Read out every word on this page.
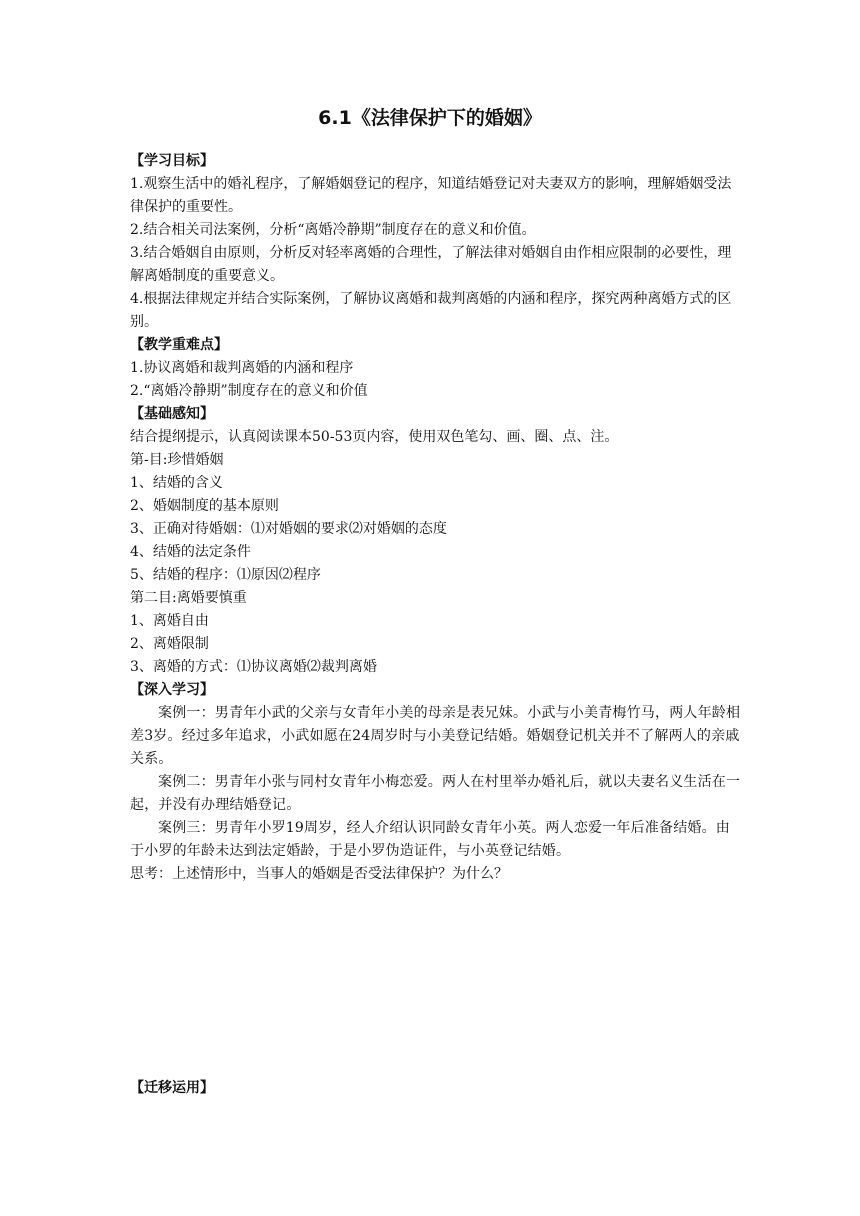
6.1《法律保护下的婚姻》
【学习目标】
1.观察生活中的婚礼程序，了解婚姻登记的程序，知道结婚登记对夫妻双方的影响，理解婚姻受法律保护的重要性。
2.结合相关司法案例，分析“离婚冷静期”制度存在的意义和价值。
3.结合婚姻自由原则，分析反对轻率离婚的合理性，了解法律对婚姻自由作相应限制的必要性，理解离婚制度的重要意义。
4.根据法律规定并结合实际案例，了解协议离婚和裁判离婚的内涵和程序，探究两种离婚方式的区别。
【教学重难点】
1.协议离婚和裁判离婚的内涵和程序
2.“离婚冷静期”制度存在的意义和价值
【基础感知】
结合提纲提示，认真阅读课本50-53页内容，使用双色笔勾、画、圈、点、注。
第-目:珍惜婚姻
1、结婚的含义
2、婚姻制度的基本原则
3、正确对待婚姻：⑴对婚姻的要求⑵对婚姻的态度
4、结婚的法定条件
5、结婚的程序：⑴原因⑵程序
第二目:离婚要慎重
1、离婚自由
2、离婚限制
3、离婚的方式：⑴协议离婚⑵裁判离婚
【深入学习】
案例一：男青年小武的父亲与女青年小美的母亲是表兄妹。小武与小美青梅竹马，两人年龄相差3岁。经过多年追求，小武如愿在24周岁时与小美登记结婚。婚姻登记机关并不了解两人的亲戚关系。
案例二：男青年小张与同村女青年小梅恋爱。两人在村里举办婚礼后，就以夫妻名义生活在一起，并没有办理结婚登记。
案例三：男青年小罗19周岁，经人介绍认识同龄女青年小英。两人恋爱一年后准备结婚。由于小罗的年龄未达到法定婚龄，于是小罗伪造证件，与小英登记结婚。
思考：上述情形中，当事人的婚姻是否受法律保护？为什么？
【迁移运用】
